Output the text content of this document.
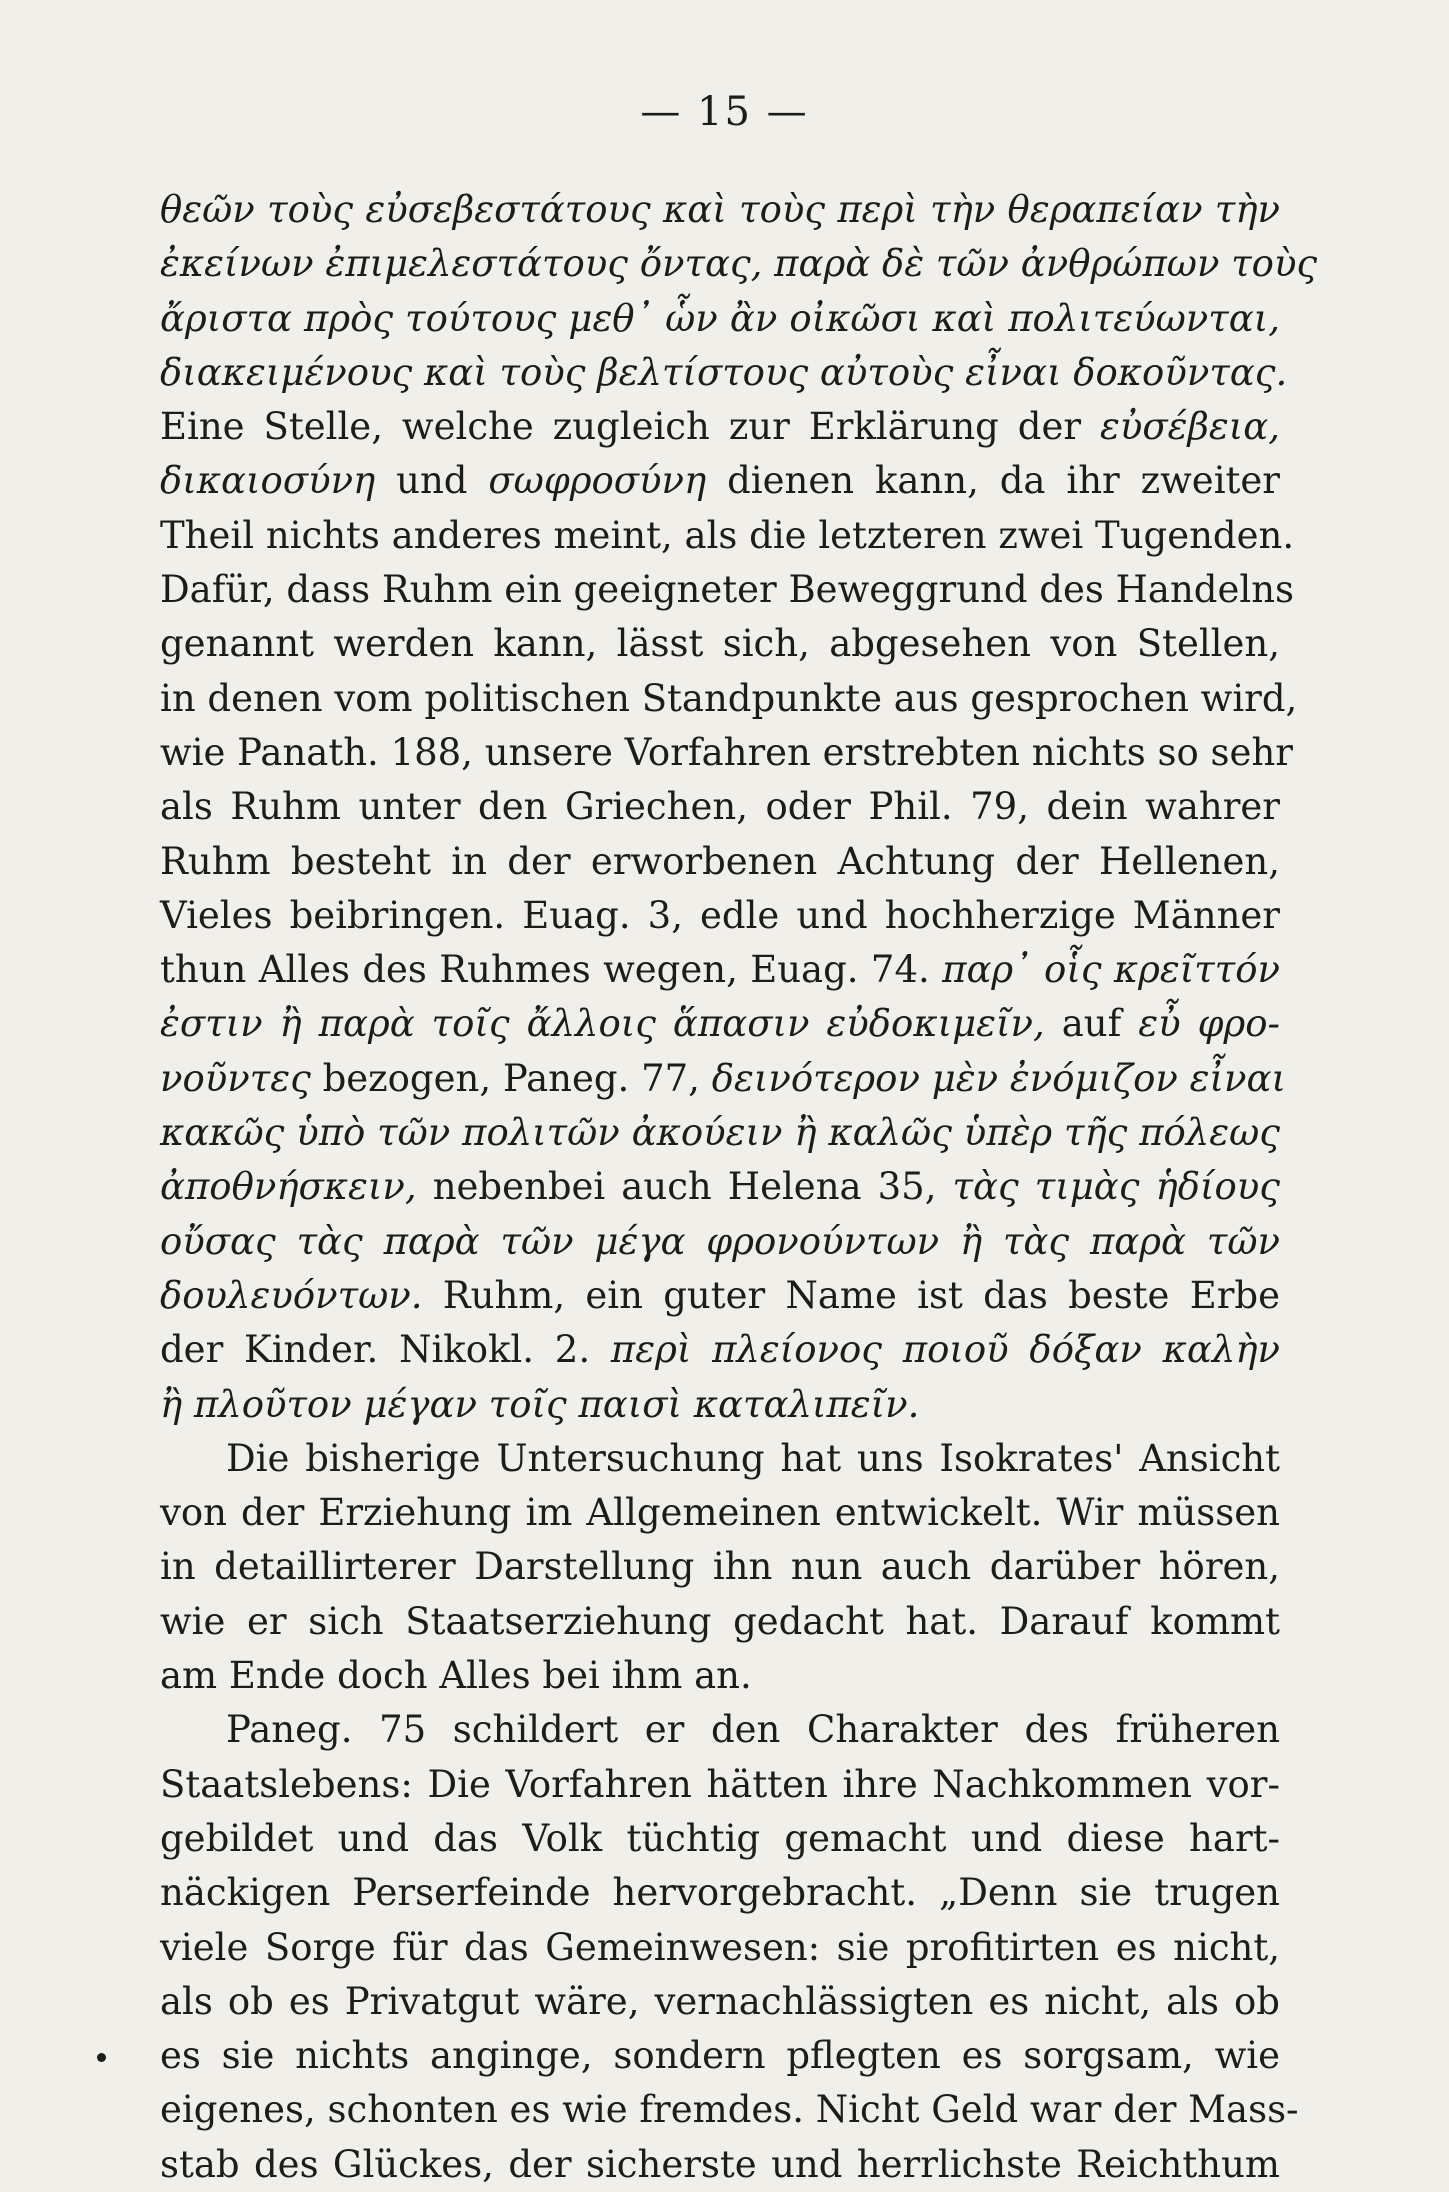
— 15 —
θεῶν τοὺς εὐσεβεστάτους καὶ τοὺς περὶ τὴν θεραπείαν τὴν
ἐκείνων ἐπιμελεστάτους ὄντας, παρὰ δὲ τῶν ἀνθρώπων τοὺς
ἄριστα πρὸς τούτους μεθ᾽ ὧν ἂν οἰκῶσι καὶ πολιτεύωνται,
διακειμένους καὶ τοὺς βελτίστους αὐτοὺς εἶναι δοκοῦντας.
Eine Stelle, welche zugleich zur Erklärung der εὐσέβεια,
δικαιοσύνη und σωφροσύνη dienen kann, da ihr zweiter
Theil nichts anderes meint, als die letzteren zwei Tugenden.
Dafür, dass Ruhm ein geeigneter Beweggrund des Handelns
genannt werden kann, lässt sich, abgesehen von Stellen,
in denen vom politischen Standpunkte aus gesprochen wird,
wie Panath. 188, unsere Vorfahren erstrebten nichts so sehr
als Ruhm unter den Griechen, oder Phil. 79, dein wahrer
Ruhm besteht in der erworbenen Achtung der Hellenen,
Vieles beibringen. Euag. 3, edle und hochherzige Männer
thun Alles des Ruhmes wegen, Euag. 74. παρ᾽ οἷς κρεῖττόν
ἐστιν ἢ παρὰ τοῖς ἄλλοις ἅπασιν εὐδοκιμεῖν, auf εὖ φρο-
νοῦντες bezogen, Paneg. 77, δεινότερον μὲν ἐνόμιζον εἶναι
κακῶς ὑπὸ τῶν πολιτῶν ἀκούειν ἢ καλῶς ὑπὲρ τῆς πόλεως
ἀποθνήσκειν, nebenbei auch Helena 35, τὰς τιμὰς ἡδίους
οὔσας τὰς παρὰ τῶν μέγα φρονούντων ἢ τὰς παρὰ τῶν
δουλευόντων. Ruhm, ein guter Name ist das beste Erbe
der Kinder. Nikokl. 2. περὶ πλείονος ποιοῦ δόξαν καλὴν
ἢ πλοῦτον μέγαν τοῖς παισὶ καταλιπεῖν.
Die bisherige Untersuchung hat uns Isokrates' Ansicht
von der Erziehung im Allgemeinen entwickelt. Wir müssen
in detaillirterer Darstellung ihn nun auch darüber hören,
wie er sich Staatserziehung gedacht hat. Darauf kommt
am Ende doch Alles bei ihm an.
Paneg. 75 schildert er den Charakter des früheren
Staatslebens: Die Vorfahren hätten ihre Nachkommen vor-
gebildet und das Volk tüchtig gemacht und diese hart-
näckigen Perserfeinde hervorgebracht. „Denn sie trugen
viele Sorge für das Gemeinwesen: sie profitirten es nicht,
als ob es Privatgut wäre, vernachlässigten es nicht, als ob
es sie nichts anginge, sondern pflegten es sorgsam, wie
eigenes, schonten es wie fremdes. Nicht Geld war der Mass-
stab des Glückes, der sicherste und herrlichste Reichthum
